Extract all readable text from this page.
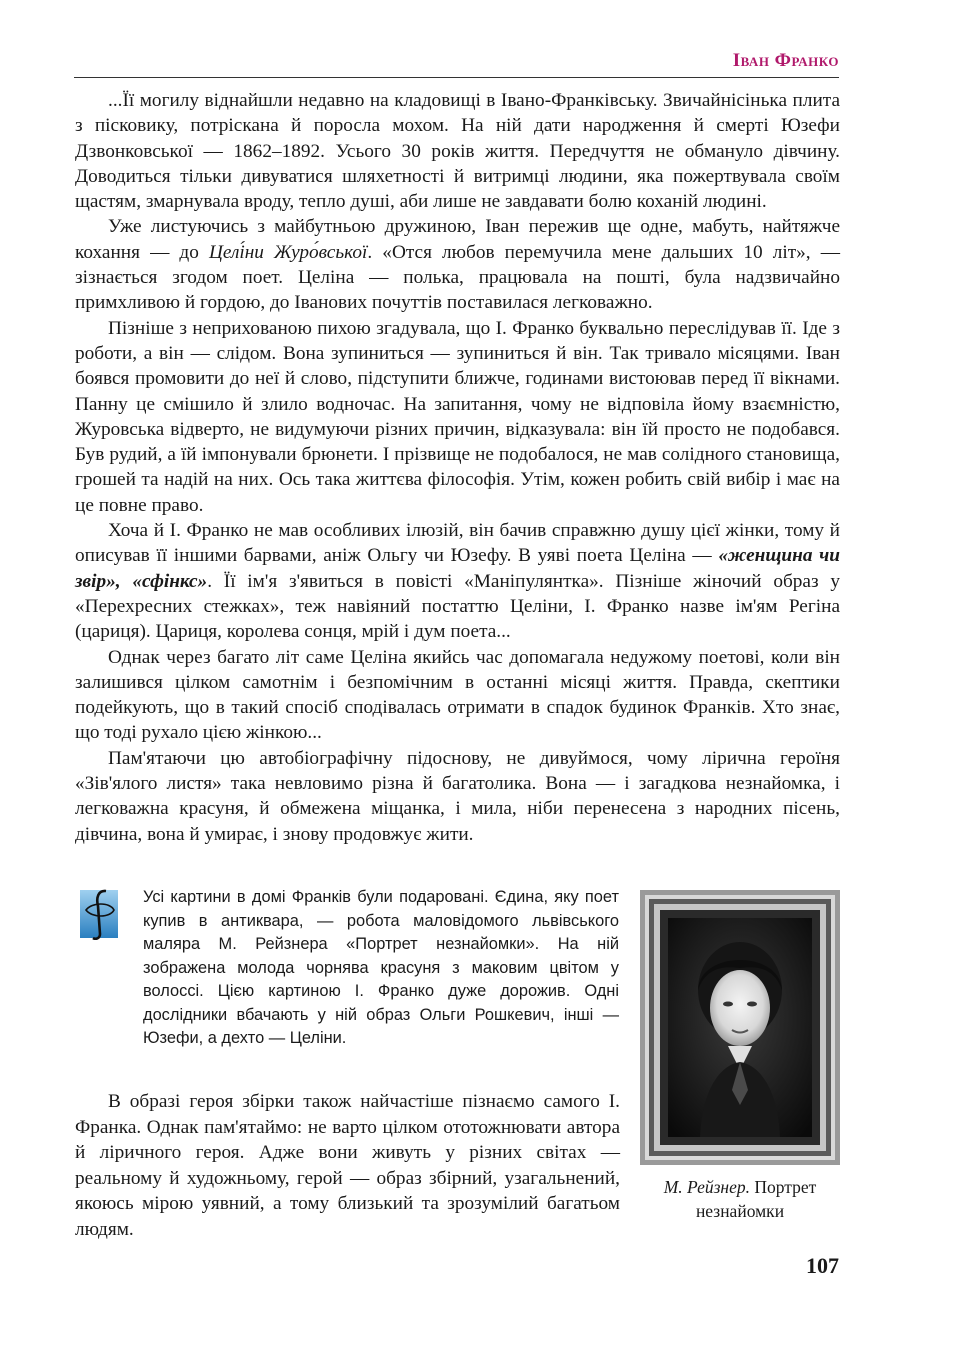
Іван Франко

...Її могилу віднайшли недавно на кладовищі в Івано-Франківську. Звичайнісінька плита з пісковику, потріскана й поросла мохом. На ній дати народження й смерті Юзефи Дзвонковської — 1862–1892. Усього 30 років життя. Передчуття не обмануло дівчину. Доводиться тільки дивуватися шляхетності й витримці людини, яка пожертвувала своїм щастям, змарнувала вроду, тепло душі, аби лише не завдавати болю коханій людині.

Уже листуючись з майбутньою дружиною, Іван пережив ще одне, мабуть, найтяжче кохання — до Целі́ни Журо́вської. «Отся любов перемучила мене дальших 10 літ», — зізнається згодом поет. Целіна — полька, працювала на пошті, була надзвичайно примхливою й гордою, до Іванових почуттів поставилася легковажно.

Пізніше з неприхованою пихою згадувала, що І. Франко буквально переслідував її. Іде з роботи, а він — слідом. Вона зупиниться — зупиниться й він. Так тривало місяцями. Іван боявся промовити до неї й слово, підступити ближче, годинами вистоював перед її вікнами. Панну це смішило й злило водночас. На запитання, чому не відповіла йому взаємністю, Журовська відверто, не видумуючи різних причин, відказувала: він їй просто не подобався. Був рудий, а їй імпонували брюнети. І прізвище не подобалося, не мав солідного становища, грошей та надій на них. Ось така життєва філософія. Утім, кожен робить свій вибір і має на це повне право.

Хоча й І. Франко не мав особливих ілюзій, він бачив справжню душу цієї жінки, тому й описував її іншими барвами, аніж Ольгу чи Юзефу. В уяві поета Целіна — «женщина чи звір», «сфінкс». Її ім'я з'явиться в повісті «Маніпулянтка». Пізніше жіночий образ у «Перехресних стежках», теж навіяний постаттю Целіни, І. Франко назве ім'ям Регіна (цариця). Цариця, королева сонця, мрій і дум поета...

Однак через багато літ саме Целіна якийсь час допомагала недужому поетові, коли він залишився цілком самотнім і безпомічним в останні місяці життя. Правда, скептики подейкують, що в такий спосіб сподівалась отримати в спадок будинок Франків. Хто знає, що тоді рухало цією жінкою...

Пам'ятаючи цю автобіографічну підоснову, не дивуймося, чому лірична героїня «Зів'ялого листя» така невловимо різна й багатолика. Вона — і загадкова незнайомка, і легковажна красуня, й обмежена міщанка, і мила, ніби перенесена з народних пісень, дівчина, вона й умирає, і знову продовжує жити.

Усі картини в домі Франків були подаровані. Єдина, яку поет купив в антиквара, — робота маловідомого львівського маляра М. Рейзнера «Портрет незнайомки». На ній зображена молода чорнява красуня з маковим цвітом у волоссі. Цією картиною І. Франко дуже дорожив. Одні дослідники вбачають у ній образ Ольги Рошкевич, інші — Юзефи, а дехто — Целіни.

В образі героя збірки також найчастіше пізнаємо самого І. Франка. Однак пам'ятаймо: не варто цілком ототожнювати автора й ліричного героя. Адже вони живуть у різних світах — реальному й художньому, герой — образ збірний, узагальнений, якоюсь мірою уявний, а тому близький та зрозумілий багатьом людям.

М. Рейзнер. Портрет незнайомки
107
